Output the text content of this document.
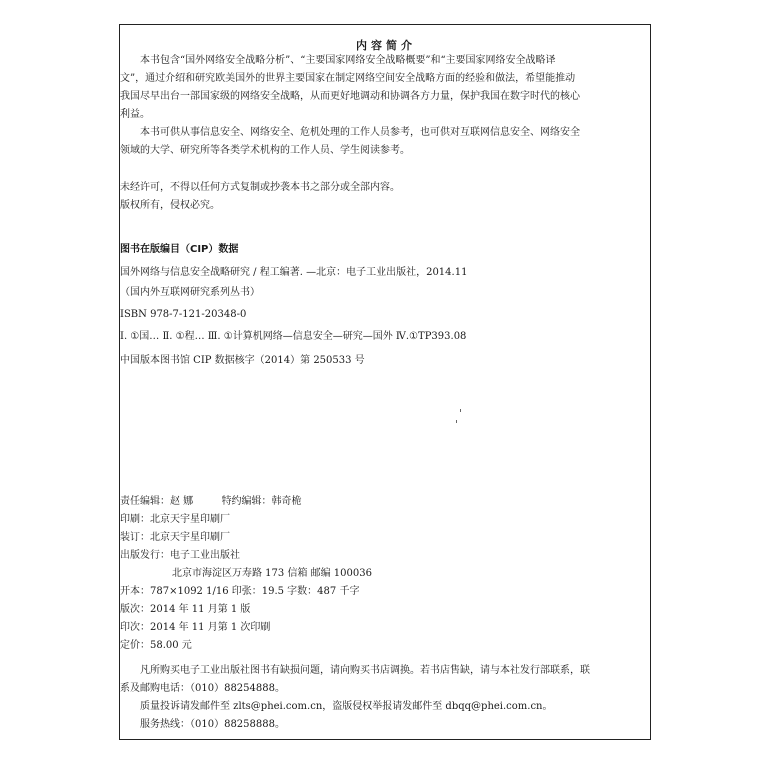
内容简介
本书包含“国外网络安全战略分析”、“主要国家网络安全战略概要”和“主要国家网络安全战略译
文”，通过介绍和研究欧美国外的世界主要国家在制定网络空间安全战略方面的经验和做法，希望能推动
我国尽早出台一部国家级的网络安全战略，从而更好地调动和协调各方力量，保护我国在数字时代的核心
利益。
本书可供从事信息安全、网络安全、危机处理的工作人员参考，也可供对互联网信息安全、网络安全
领域的大学、研究所等各类学术机构的工作人员、学生阅读参考。
未经许可，不得以任何方式复制或抄袭本书之部分或全部内容。
版权所有，侵权必究。
图书在版编目（CIP）数据
国外网络与信息安全战略研究 / 程工编著. —北京：电子工业出版社，2014.11
（国内外互联网研究系列丛书）
ISBN 978-7-121-20348-0
Ⅰ. ①国… Ⅱ. ①程… Ⅲ. ①计算机网络—信息安全—研究—国外 Ⅳ.①TP393.08
中国版本图书馆 CIP 数据核字（2014）第 250533 号
责任编辑：赵 娜	特约编辑：韩奇桅
印刷：北京天宇星印刷厂
装订：北京天宇星印刷厂
出版发行：电子工业出版社
北京市海淀区万寿路 173 信箱 邮编 100036
开本：787×1092 1/16 印张：19.5 字数：487 千字
版次：2014 年 11 月第 1 版
印次：2014 年 11 月第 1 次印刷
定价：58.00 元
凡所购买电子工业出版社图书有缺损问题，请向购买书店调换。若书店售缺，请与本社发行部联系，联
系及邮购电话：（010）88254888。
质量投诉请发邮件至 zlts@phei.com.cn，盗版侵权举报请发邮件至 dbqq@phei.com.cn。
服务热线：（010）88258888。
